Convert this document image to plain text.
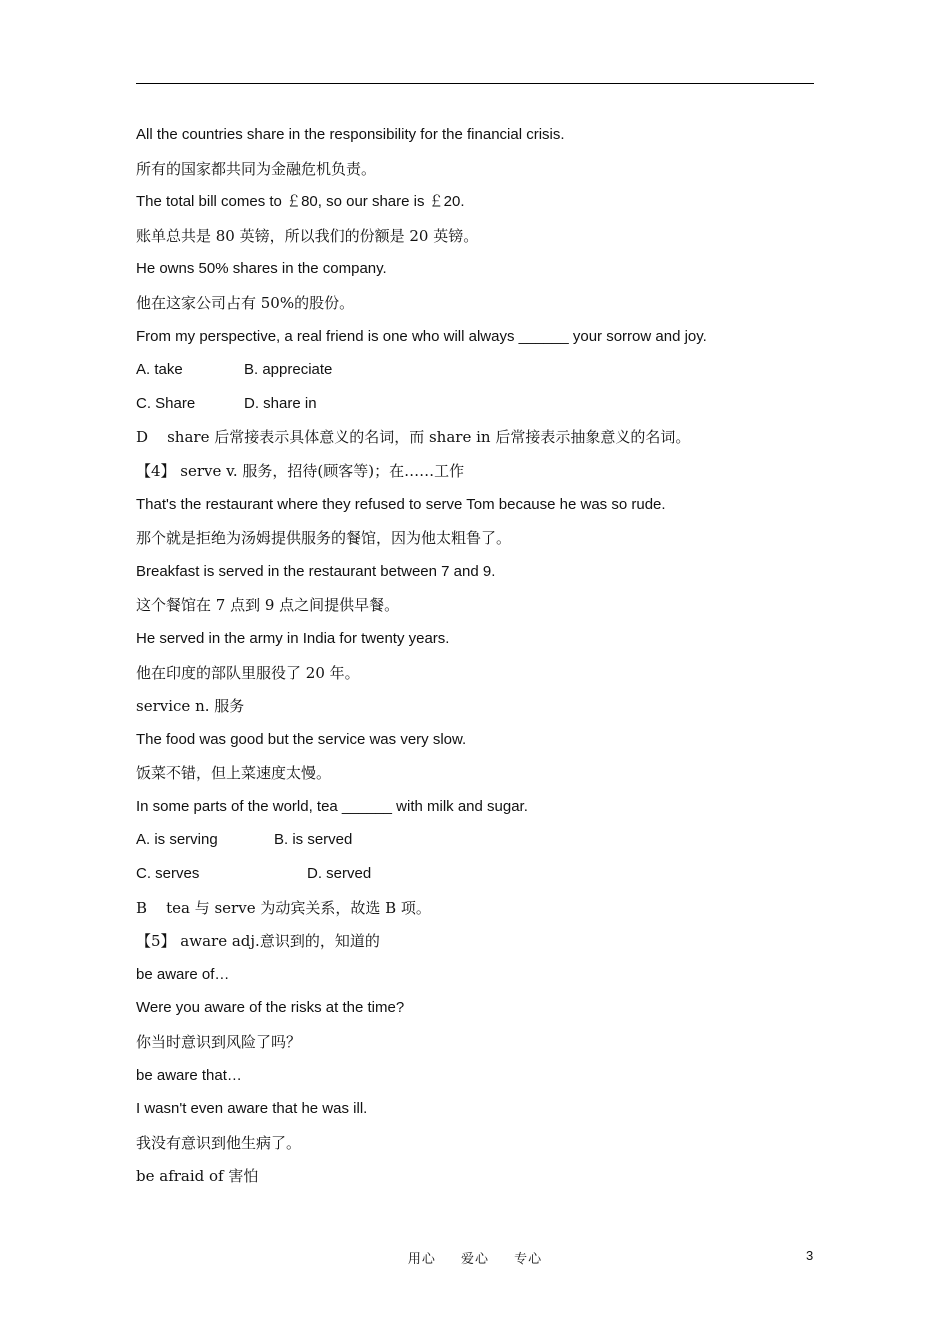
All the countries share in the responsibility for the financial crisis.
所有的国家都共同为金融危机负责。
The total bill comes to ￡80, so our share is ￡20.
账单总共是 80 英镑，所以我们的份额是 20 英镑。
He owns 50% shares in the company.
他在这家公司占有 50%的股份。
From my perspective, a real friend is one who will always ______ your sorrow and joy.
A. take	B. appreciate
C. Share	D. share in
D    share 后常接表示具体意义的名词，而 share in 后常接表示抽象意义的名词。
【4】 serve v. 服务，招待(顾客等)；在……工作
That's the restaurant where they refused to serve Tom because he was so rude.
那个就是拒绝为汤姆提供服务的餐馆，因为他太粗鲁了。
Breakfast is served in the restaurant between 7 and 9.
这个餐馆在 7 点到 9 点之间提供早餐。
He served in the army in India for twenty years.
他在印度的部队里服役了 20 年。
service n. 服务
The food was good but the service was very slow.
饭菜不错，但上菜速度太慢。
In some parts of the world, tea ______ with milk and sugar.
A. is serving	B. is served
C. serves	D. served
B    tea 与 serve 为动宾关系，故选 B 项。
【5】 aware adj.意识到的，知道的
be aware of…
Were you aware of the risks at the time?
你当时意识到风险了吗？
be aware that…
I wasn't even aware that he was ill.
我没有意识到他生病了。
be afraid of 害怕
用心 爱心 专心	3
